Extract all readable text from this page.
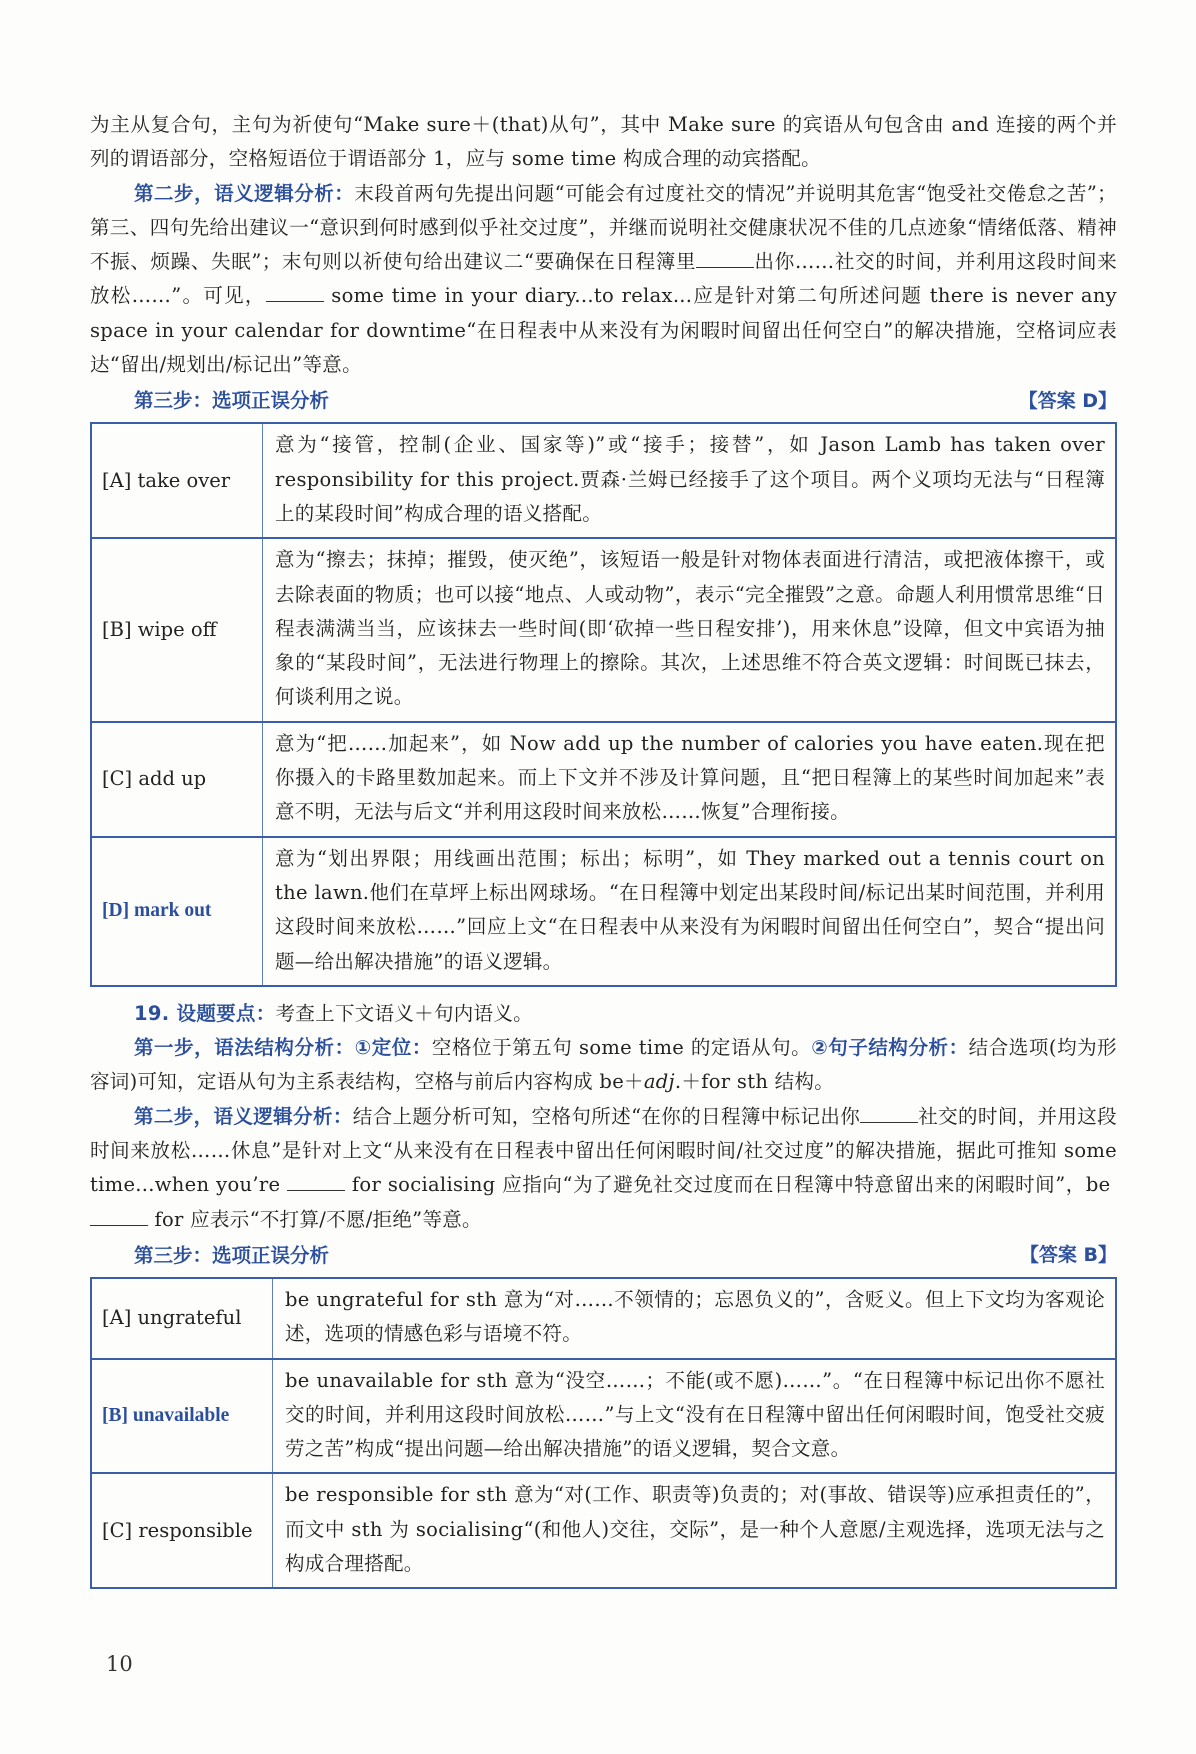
为主从复合句，主句为祈使句“Make sure＋(that)从句”，其中 Make sure 的宾语从句包含由 and 连接的两个并列的谓语部分，空格短语位于谓语部分 1，应与 some time 构成合理的动宾搭配。

第二步，语义逻辑分析：末段首两句先提出问题“可能会有过度社交的情况”并说明其危害“饱受社交倦怠之苦”；第三、四句先给出建议一“意识到何时感到似乎社交过度”，并继而说明社交健康状况不佳的几点迹象“情绪低落、精神不振、烦躁、失眠”；末句则以祈使句给出建议二“要确保在日程簿里	出你……社交的时间，并利用这段时间来放松……”。可见，	some time in your diary...to relax...应是针对第二句所述问题 there is never any space in your calendar for downtime“在日程表中从来没有为闲暇时间留出任何空白”的解决措施，空格词应表达“留出/规划出/标记出”等意。

第三步：选项正误分析	【答案 D】
[A] take over	意为“接管，控制(企业、国家等)”或“接手；接替”，如 Jason Lamb has taken over responsibility for this project.贾森·兰姆已经接手了这个项目。两个义项均无法与“日程簿上的某段时间”构成合理的语义搭配。
[B] wipe off	意为“擦去；抹掉；摧毁，使灭绝”，该短语一般是针对物体表面进行清洁，或把液体擦干，或去除表面的物质；也可以接“地点、人或动物”，表示“完全摧毁”之意。命题人利用惯常思维“日程表满满当当，应该抹去一些时间(即‘砍掉一些日程安排’)，用来休息”设障，但文中宾语为抽象的“某段时间”，无法进行物理上的擦除。其次，上述思维不符合英文逻辑：时间既已抹去，何谈利用之说。
[C] add up	意为“把……加起来”，如 Now add up the number of calories you have eaten.现在把你摄入的卡路里数加起来。而上下文并不涉及计算问题，且“把日程簿上的某些时间加起来”表意不明，无法与后文“并利用这段时间来放松……恢复”合理衔接。
[D] mark out	意为“划出界限；用线画出范围；标出；标明”，如 They marked out a tennis court on the lawn.他们在草坪上标出网球场。“在日程簿中划定出某段时间/标记出某时间范围，并利用这段时间来放松……”回应上文“在日程表中从来没有为闲暇时间留出任何空白”，契合“提出问题—给出解决措施”的语义逻辑。

19. 设题要点：考查上下文语义＋句内语义。

第一步，语法结构分析：①定位：空格位于第五句 some time 的定语从句。②句子结构分析：结合选项(均为形容词)可知，定语从句为主系表结构，空格与前后内容构成 be＋adj.＋for sth 结构。

第二步，语义逻辑分析：结合上题分析可知，空格句所述“在你的日程簿中标记出你	社交的时间，并用这段时间来放松……休息”是针对上文“从来没有在日程表中留出任何闲暇时间/社交过度”的解决措施，据此可推知 some time...when you’re	for socialising 应指向“为了避免社交过度而在日程簿中特意留出来的闲暇时间”，be  for 应表示“不打算/不愿/拒绝”等意。

第三步：选项正误分析	【答案 B】
[A] ungrateful	be ungrateful for sth 意为“对……不领情的；忘恩负义的”，含贬义。但上下文均为客观论述，选项的情感色彩与语境不符。
[B] unavailable	be unavailable for sth 意为“没空……；不能(或不愿)……”。“在日程簿中标记出你不愿社交的时间，并利用这段时间放松……”与上文“没有在日程簿中留出任何闲暇时间，饱受社交疲劳之苦”构成“提出问题—给出解决措施”的语义逻辑，契合文意。
[C] responsible	be responsible for sth 意为“对(工作、职责等)负责的；对(事故、错误等)应承担责任的”，而文中 sth 为 socialising“(和他人)交往，交际”，是一种个人意愿/主观选择，选项无法与之构成合理搭配。
10
